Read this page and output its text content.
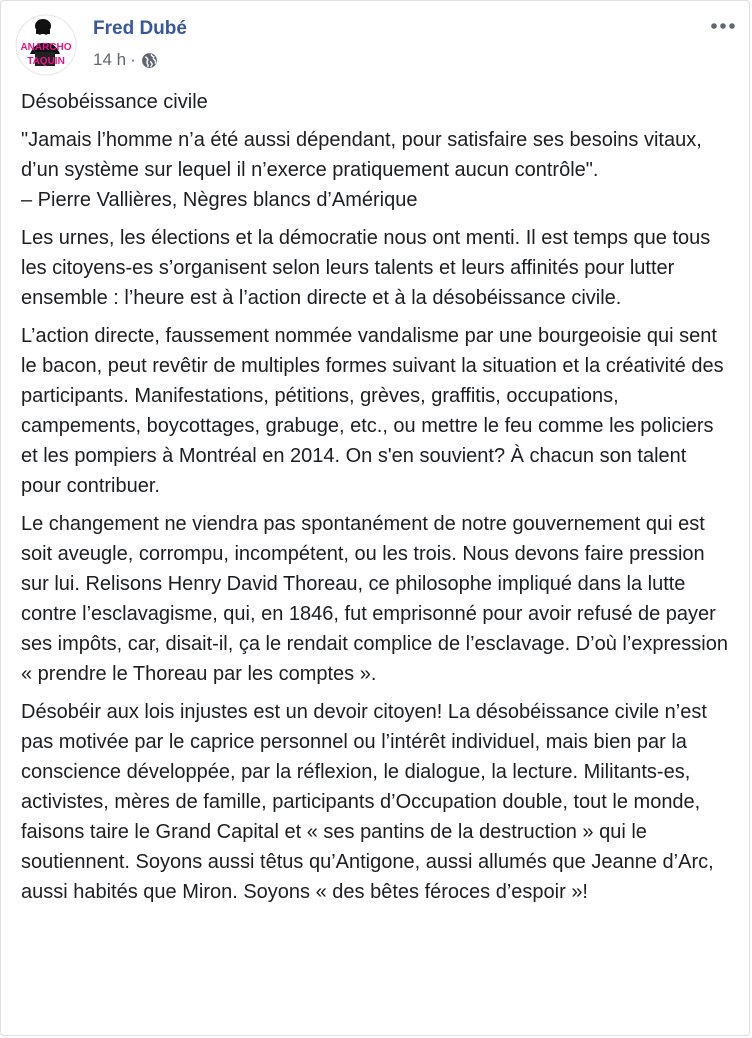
ANARCHO
TAQUIN
Fred Dubé
14 h ·

Désobéissance civile

"Jamais l’homme n’a été aussi dépendant, pour satisfaire ses besoins vitaux, d’un système sur lequel il n’exerce pratiquement aucun contrôle".
– Pierre Vallières, Nègres blancs d’Amérique

Les urnes, les élections et la démocratie nous ont menti. Il est temps que tous les citoyens-es s’organisent selon leurs talents et leurs affinités pour lutter ensemble : l’heure est à l’action directe et à la désobéissance civile.

L’action directe, faussement nommée vandalisme par une bourgeoisie qui sent le bacon, peut revêtir de multiples formes suivant la situation et la créativité des participants. Manifestations, pétitions, grèves, graffitis, occupations, campements, boycottages, grabuge, etc., ou mettre le feu comme les policiers et les pompiers à Montréal en 2014. On s'en souvient? À chacun son talent pour contribuer.

Le changement ne viendra pas spontanément de notre gouvernement qui est soit aveugle, corrompu, incompétent, ou les trois. Nous devons faire pression sur lui. Relisons Henry David Thoreau, ce philosophe impliqué dans la lutte contre l’esclavagisme, qui, en 1846, fut emprisonné pour avoir refusé de payer ses impôts, car, disait-il, ça le rendait complice de l’esclavage. D’où l’expression « prendre le Thoreau par les comptes ».

Désobéir aux lois injustes est un devoir citoyen! La désobéissance civile n’est pas motivée par le caprice personnel ou l’intérêt individuel, mais bien par la conscience développée, par la réflexion, le dialogue, la lecture. Militants-es, activistes, mères de famille, participants d’Occupation double, tout le monde, faisons taire le Grand Capital et « ses pantins de la destruction » qui le soutiennent. Soyons aussi têtus qu’Antigone, aussi allumés que Jeanne d’Arc, aussi habités que Miron. Soyons « des bêtes féroces d’espoir »!
